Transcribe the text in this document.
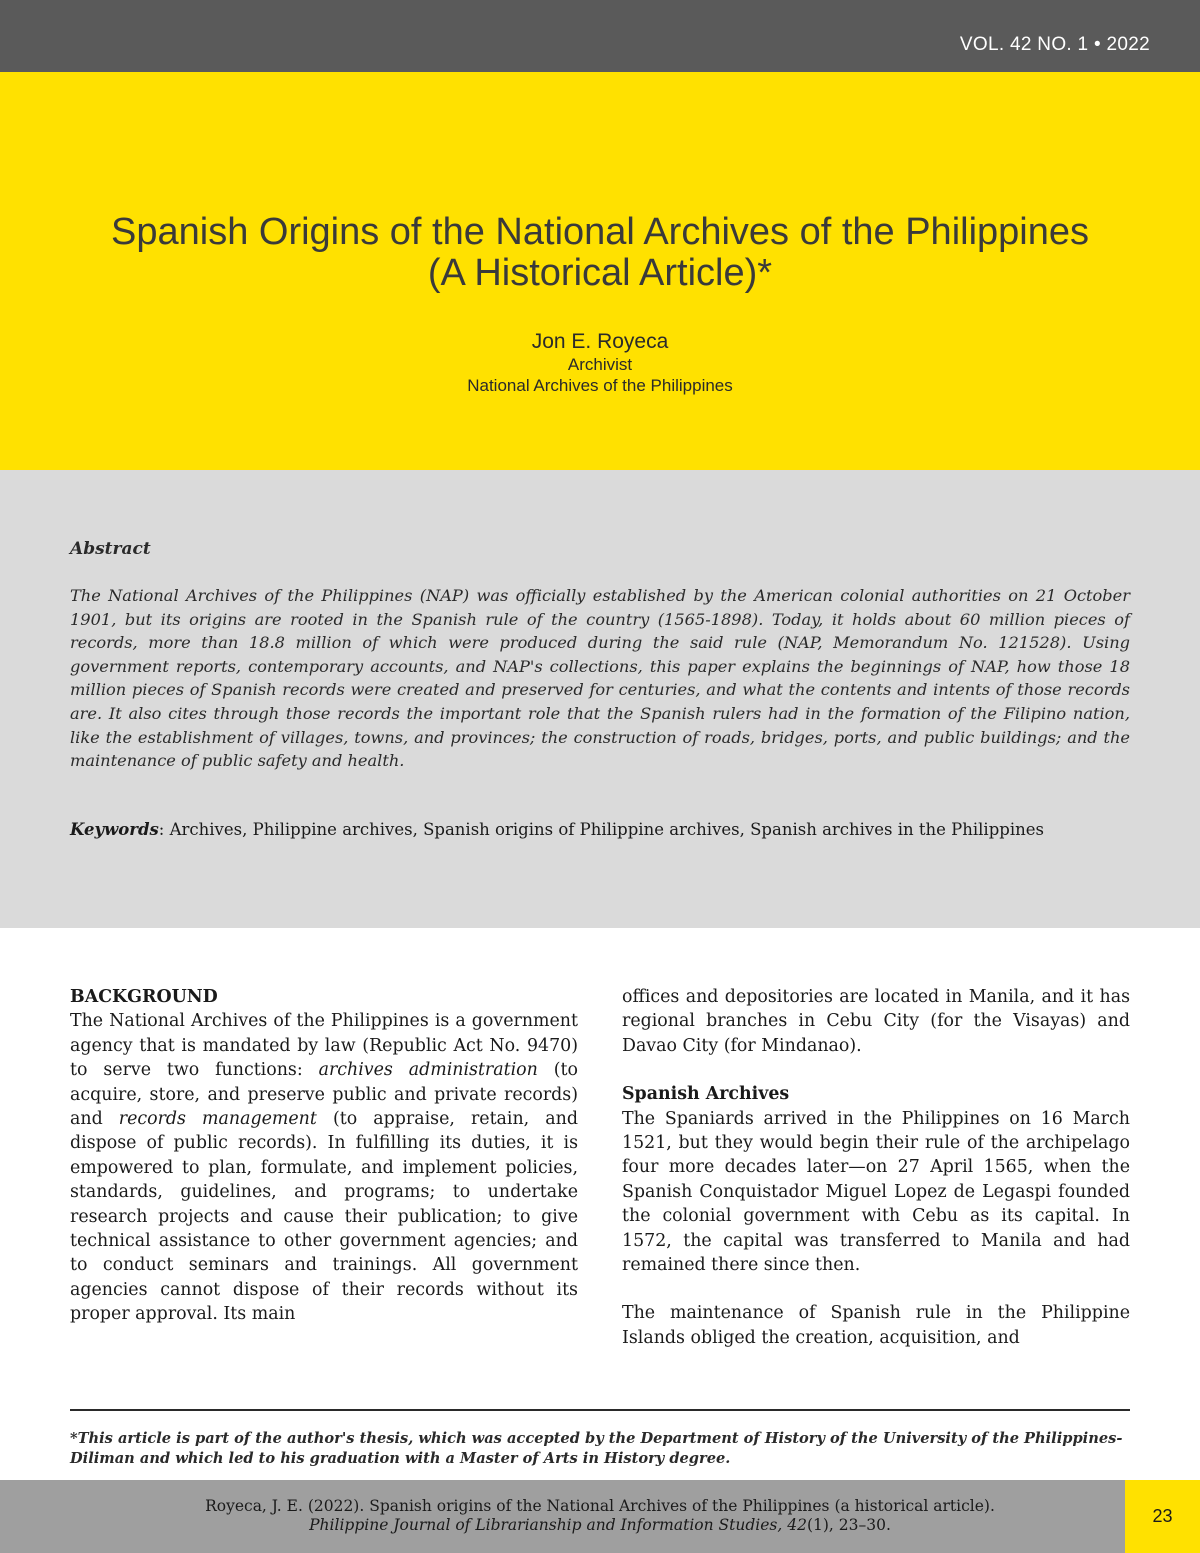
VOL. 42 NO. 1 • 2022
Spanish Origins of the National Archives of the Philippines
(A Historical Article)*
Jon E. Royeca
Archivist
National Archives of the Philippines
Abstract

The National Archives of the Philippines (NAP) was officially established by the American colonial authorities on 21 October 1901, but its origins are rooted in the Spanish rule of the country (1565-1898). Today, it holds about 60 million pieces of records, more than 18.8 million of which were produced during the said rule (NAP, Memorandum No. 121528). Using government reports, contemporary accounts, and NAP's collections, this paper explains the beginnings of NAP, how those 18 million pieces of Spanish records were created and preserved for centuries, and what the contents and intents of those records are. It also cites through those records the important role that the Spanish rulers had in the formation of the Filipino nation, like the establishment of villages, towns, and provinces; the construction of roads, bridges, ports, and public buildings; and the maintenance of public safety and health.

Keywords: Archives, Philippine archives, Spanish origins of Philippine archives, Spanish archives in the Philippines
BACKGROUND

The National Archives of the Philippines is a government agency that is mandated by law (Republic Act No. 9470) to serve two functions: archives administration (to acquire, store, and preserve public and private records) and records management (to appraise, retain, and dispose of public records). In fulfilling its duties, it is empowered to plan, formulate, and implement policies, standards, guidelines, and programs; to undertake research projects and cause their publication; to give technical assistance to other government agencies; and to conduct seminars and trainings. All government agencies cannot dispose of their records without its proper approval. Its main

offices and depositories are located in Manila, and it has regional branches in Cebu City (for the Visayas) and Davao City (for Mindanao).

Spanish Archives

The Spaniards arrived in the Philippines on 16 March 1521, but they would begin their rule of the archipelago four more decades later—on 27 April 1565, when the Spanish Conquistador Miguel Lopez de Legaspi founded the colonial government with Cebu as its capital. In 1572, the capital was transferred to Manila and had remained there since then.

The maintenance of Spanish rule in the Philippine Islands obliged the creation, acquisition, and

*This article is part of the author's thesis, which was accepted by the Department of History of the University of the Philippines-Diliman and which led to his graduation with a Master of Arts in History degree.
Royeca, J. E. (2022). Spanish origins of the National Archives of the Philippines (a historical article).
Philippine Journal of Librarianship and Information Studies, 42(1), 23–30.	23
